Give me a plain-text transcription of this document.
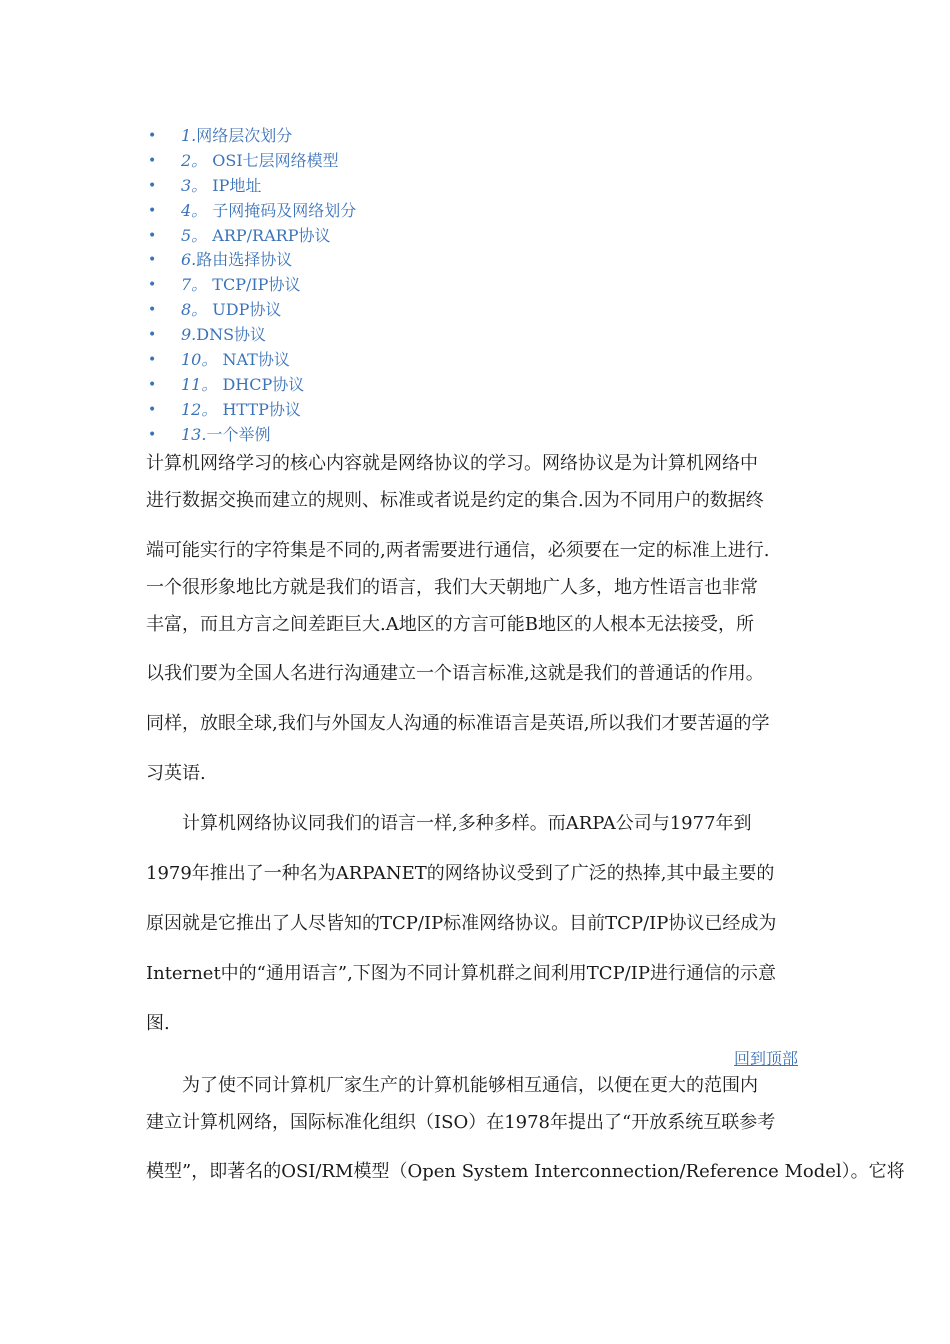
• 1.网络层次划分
• 2。 OSI七层网络模型
• 3。 IP地址
• 4。 子网掩码及网络划分
• 5。 ARP/RARP协议
• 6.路由选择协议
• 7。 TCP/IP协议
• 8。 UDP协议
• 9.DNS协议
• 10。 NAT协议
• 11。 DHCP协议
• 12。 HTTP协议
• 13.一个举例
计算机网络学习的核心内容就是网络协议的学习。网络协议是为计算机网络中
进行数据交换而建立的规则、标准或者说是约定的集合.因为不同用户的数据终
端可能实行的字符集是不同的,两者需要进行通信，必须要在一定的标准上进行.
一个很形象地比方就是我们的语言，我们大天朝地广人多，地方性语言也非常
丰富，而且方言之间差距巨大.A地区的方言可能B地区的人根本无法接受，所
以我们要为全国人名进行沟通建立一个语言标准,这就是我们的普通话的作用。
同样，放眼全球,我们与外国友人沟通的标准语言是英语,所以我们才要苦逼的学
习英语.
计算机网络协议同我们的语言一样,多种多样。而ARPA公司与1977年到
1979年推出了一种名为ARPANET的网络协议受到了广泛的热捧,其中最主要的
原因就是它推出了人尽皆知的TCP/IP标准网络协议。目前TCP/IP协议已经成为
Internet中的“通用语言”,下图为不同计算机群之间利用TCP/IP进行通信的示意
图.
回到顶部
为了使不同计算机厂家生产的计算机能够相互通信，以便在更大的范围内
建立计算机网络，国际标准化组织（ISO）在1978年提出了“开放系统互联参考
模型”，即著名的OSI/RM模型（Open System Interconnection/Reference Model）。它将
